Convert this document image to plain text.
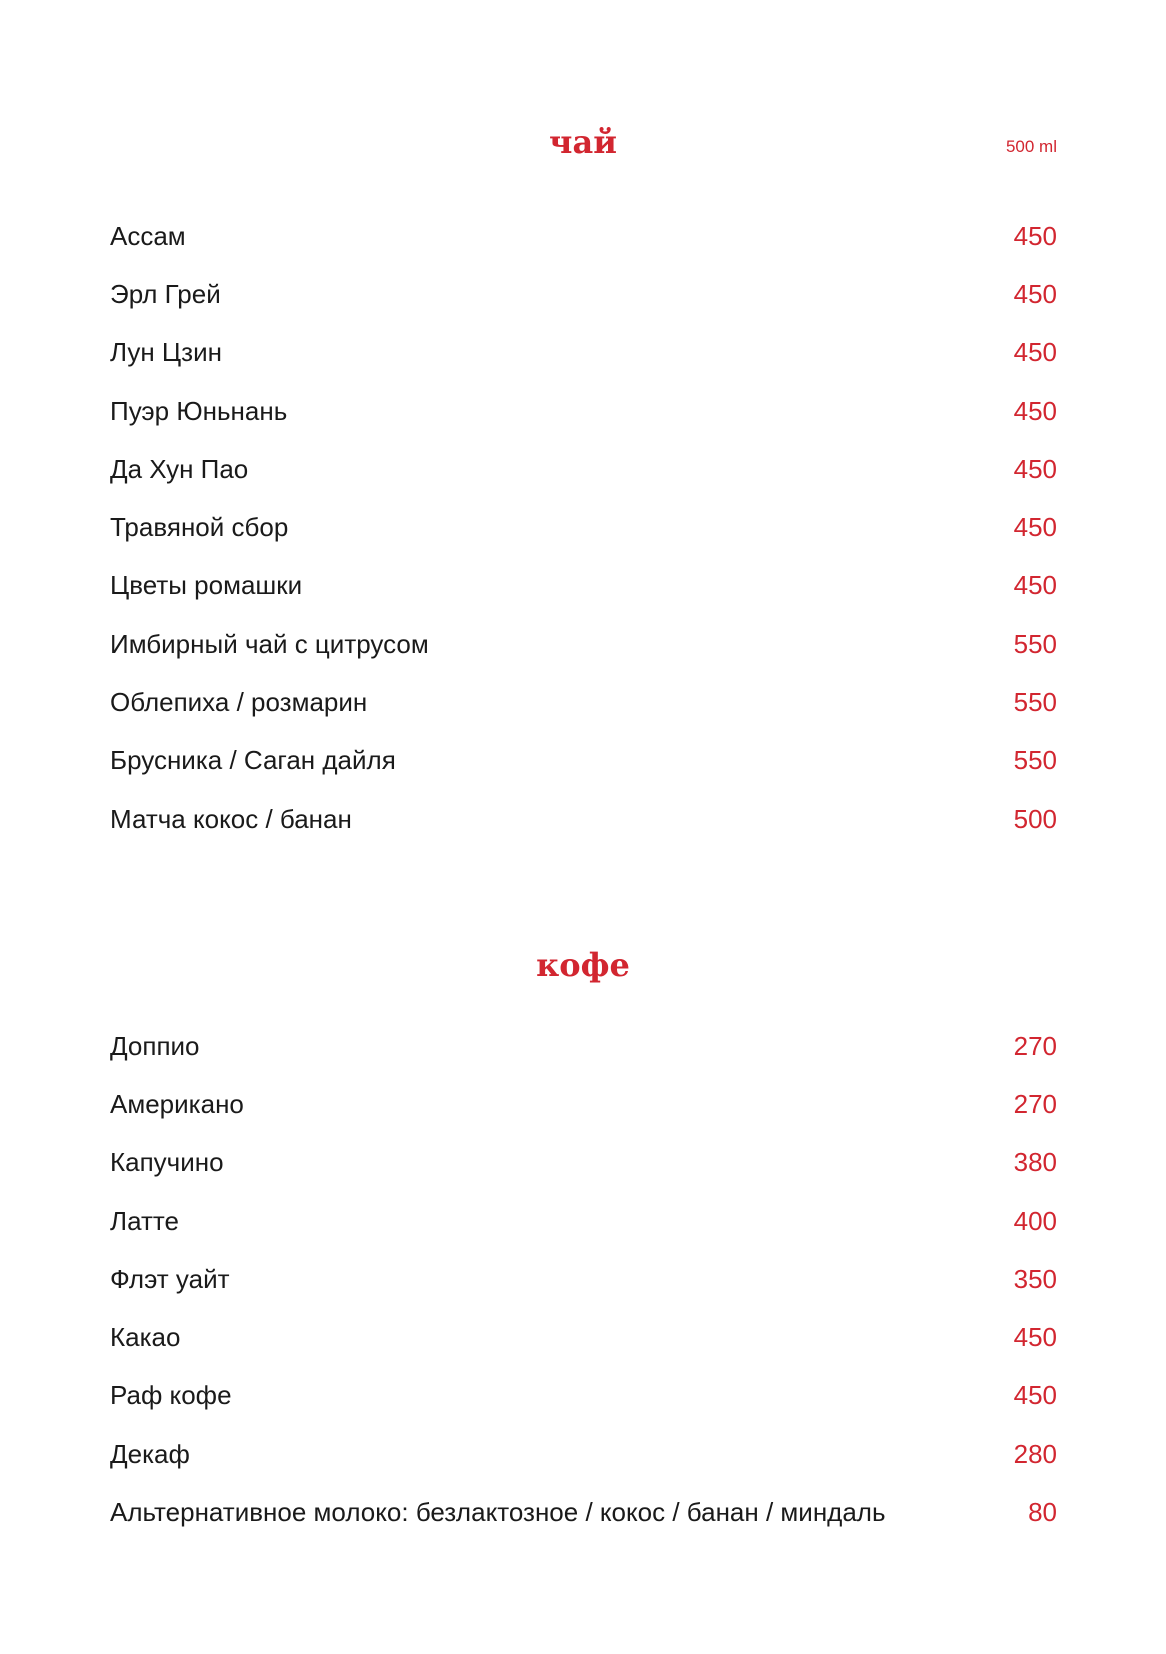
чай	500 ml
Ассам	450
Эрл Грей	450
Лун Цзин	450
Пуэр Юньнань	450
Да Хун Пао	450
Травяной сбор	450
Цветы ромашки	450
Имбирный чай с цитрусом	550
Облепиха / розмарин	550
Брусника / Саган дайля	550
Матча кокос / банан	500
кофе
Доппио	270
Американо	270
Капучино	380
Латте	400
Флэт уайт	350
Какао	450
Раф кофе	450
Декаф	280
Альтернативное молоко: безлактозное / кокос / банан / миндаль	80
